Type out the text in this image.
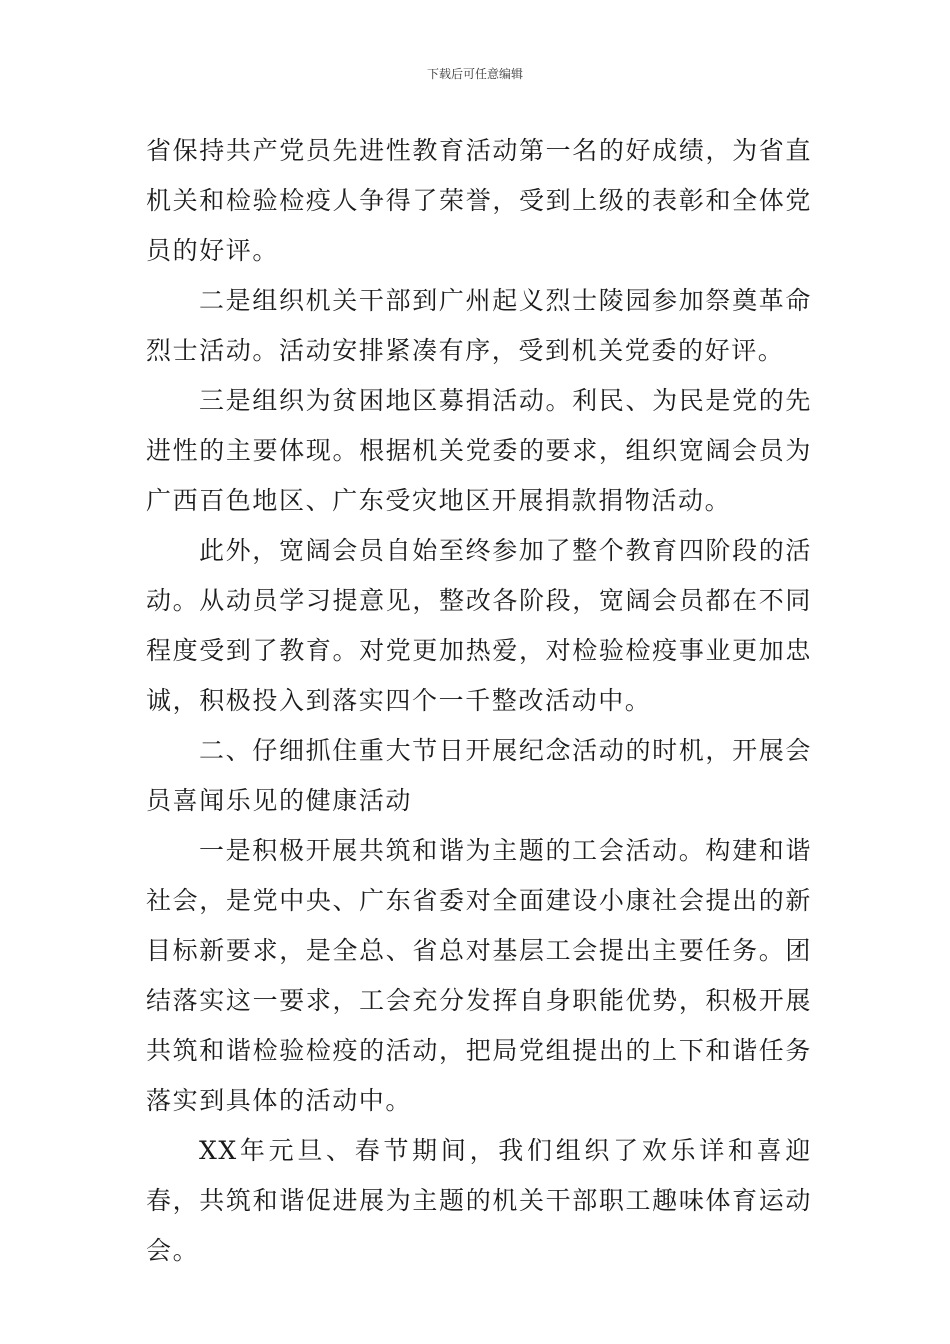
下载后可任意编辑

省保持共产党员先进性教育活动第一名的好成绩，为省直机关和检验检疫人争得了荣誉，受到上级的表彰和全体党员的好评。

二是组织机关干部到广州起义烈士陵园参加祭奠革命烈士活动。活动安排紧凑有序，受到机关党委的好评。

三是组织为贫困地区募捐活动。利民、为民是党的先进性的主要体现。根据机关党委的要求，组织宽阔会员为广西百色地区、广东受灾地区开展捐款捐物活动。

此外，宽阔会员自始至终参加了整个教育四阶段的活动。从动员学习提意见，整改各阶段，宽阔会员都在不同程度受到了教育。对党更加热爱，对检验检疫事业更加忠诚，积极投入到落实四个一千整改活动中。

二、仔细抓住重大节日开展纪念活动的时机，开展会员喜闻乐见的健康活动

一是积极开展共筑和谐为主题的工会活动。构建和谐社会，是党中央、广东省委对全面建设小康社会提出的新目标新要求，是全总、省总对基层工会提出主要任务。团结落实这一要求，工会充分发挥自身职能优势，积极开展共筑和谐检验检疫的活动，把局党组提出的上下和谐任务落实到具体的活动中。

XX年元旦、春节期间，我们组织了欢乐详和喜迎春，共筑和谐促进展为主题的机关干部职工趣味体育运动会。
